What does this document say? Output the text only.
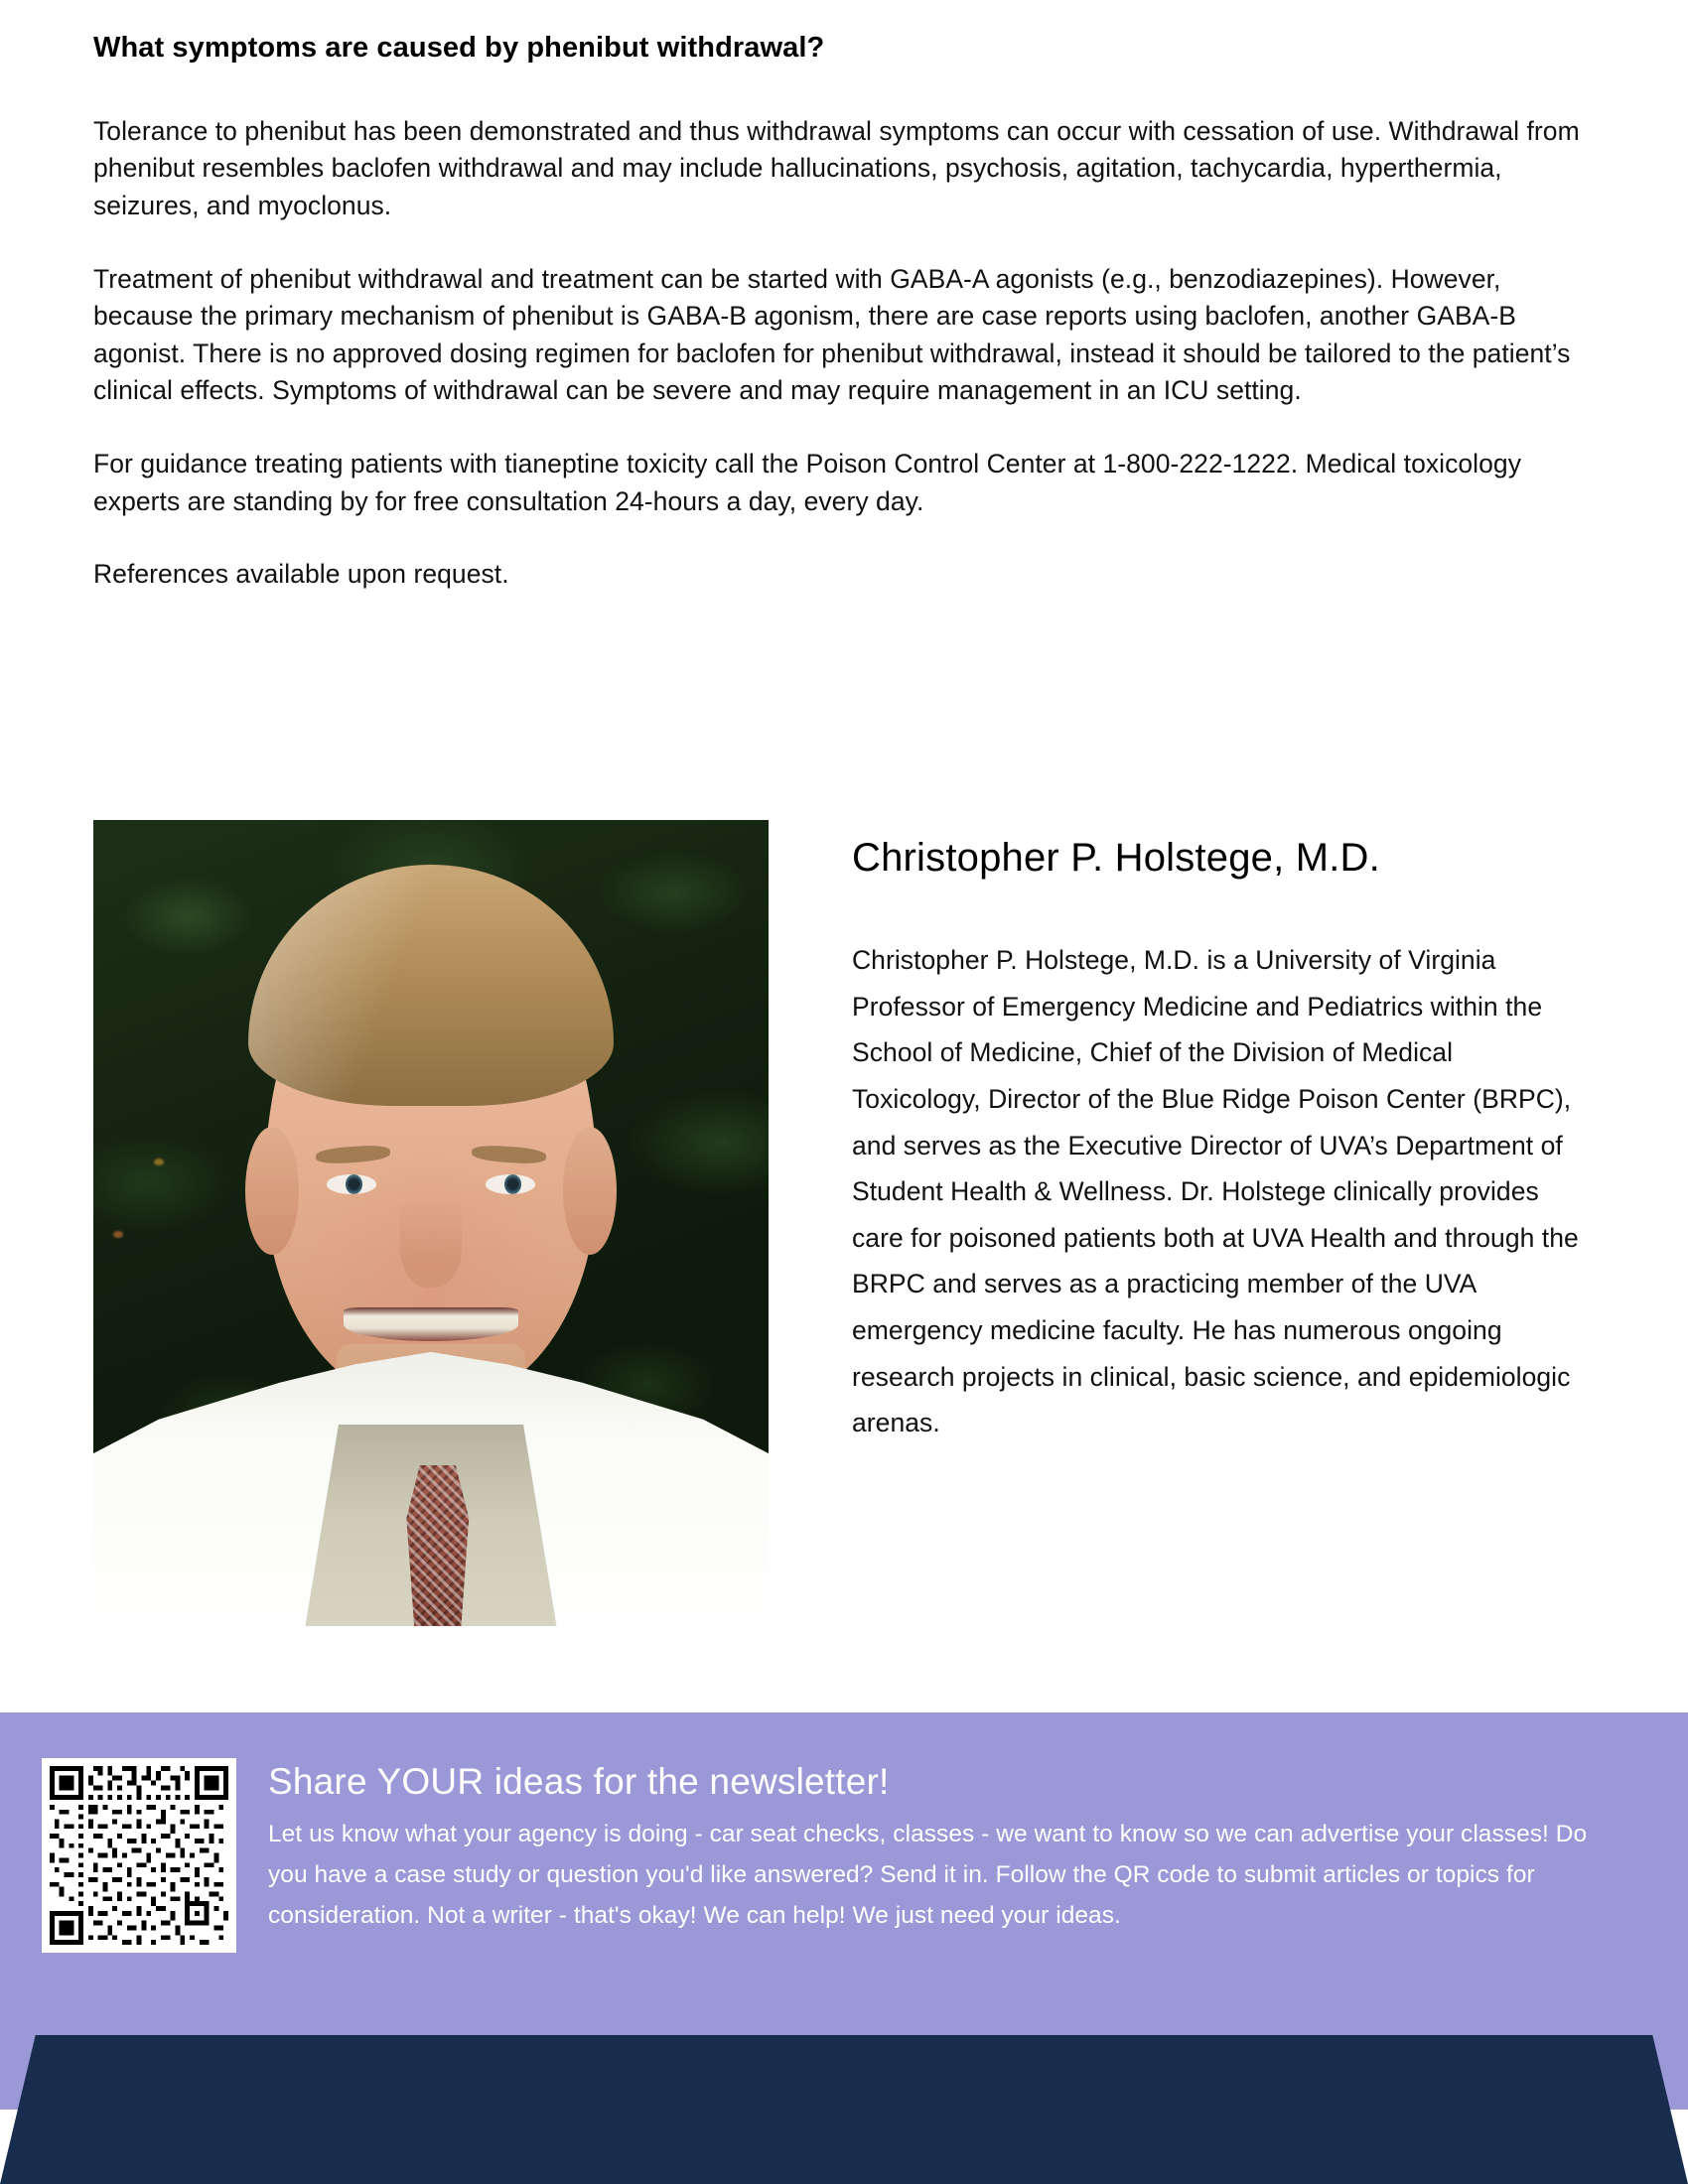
What symptoms are caused by phenibut withdrawal?

Tolerance to phenibut has been demonstrated and thus withdrawal symptoms can occur with cessation of use. Withdrawal from phenibut resembles baclofen withdrawal and may include hallucinations, psychosis, agitation, tachycardia, hyperthermia, seizures, and myoclonus.

Treatment of phenibut withdrawal and treatment can be started with GABA-A agonists (e.g., benzodiazepines). However, because the primary mechanism of phenibut is GABA-B agonism, there are case reports using baclofen, another GABA-B agonist. There is no approved dosing regimen for baclofen for phenibut withdrawal, instead it should be tailored to the patient’s clinical effects. Symptoms of withdrawal can be severe and may require management in an ICU setting.

For guidance treating patients with tianeptine toxicity call the Poison Control Center at 1-800-222-1222. Medical toxicology experts are standing by for free consultation 24-hours a day, every day.

References available upon request.

Christopher P. Holstege, M.D.

Christopher P. Holstege, M.D. is a University of Virginia Professor of Emergency Medicine and Pediatrics within the School of Medicine, Chief of the Division of Medical Toxicology, Director of the Blue Ridge Poison Center (BRPC), and serves as the Executive Director of UVA’s Department of Student Health & Wellness. Dr. Holstege clinically provides care for poisoned patients both at UVA Health and through the BRPC and serves as a practicing member of the UVA emergency medicine faculty. He has numerous ongoing research projects in clinical, basic science, and epidemiologic arenas.

Share YOUR ideas for the newsletter!

Let us know what your agency is doing - car seat checks, classes - we want to know so we can advertise your classes! Do you have a case study or question you'd like answered? Send it in. Follow the QR code to submit articles or topics for consideration. Not a writer - that's okay! We can help! We just need your ideas.
